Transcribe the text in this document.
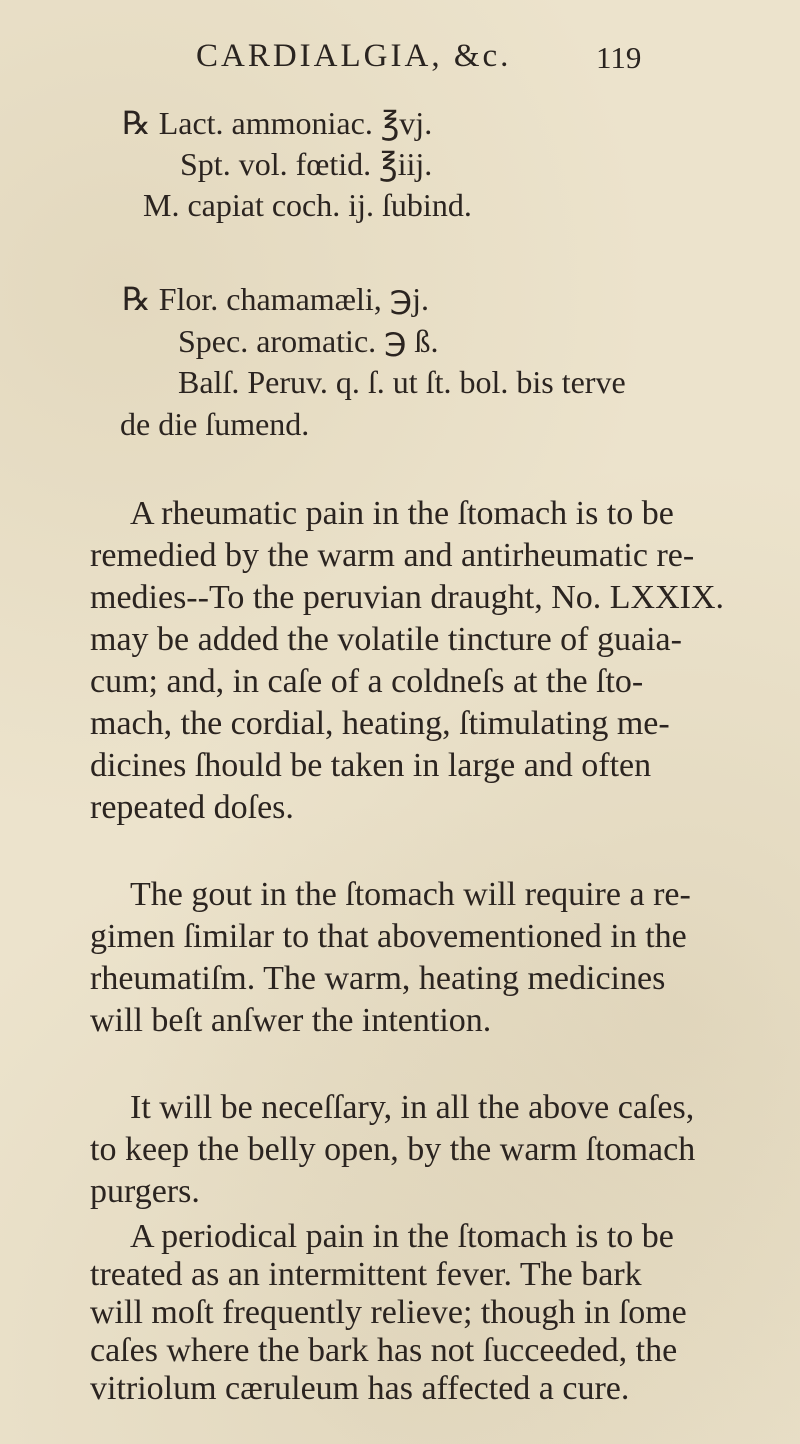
CARDIALGIA, &c.	119
℞ Lact. ammoniac. ℥vj.
Spt. vol. fœtid. ℥iij.
M. capiat coch. ij. ſubind.
℞ Flor. chamamæli, ℈j.
Spec. aromatic. ℈ ß.
Balſ. Peruv. q. ſ. ut ſt. bol. bis terve
de die ſumend.
A rheumatic pain in the ſtomach is to be
remedied by the warm and antirheumatic re-
medies--To the peruvian draught, No. LXXIX.
may be added the volatile tincture of guaia-
cum; and, in caſe of a coldneſs at the ſto-
mach, the cordial, heating, ſtimulating me-
dicines ſhould be taken in large and often
repeated doſes.
The gout in the ſtomach will require a re-
gimen ſimilar to that abovementioned in the
rheumatiſm. The warm, heating medicines
will beſt anſwer the intention.
It will be neceſſary, in all the above caſes,
to keep the belly open, by the warm ſtomach
purgers.
A periodical pain in the ſtomach is to be
treated as an intermittent fever. The bark
will moſt frequently relieve; though in ſome
caſes where the bark has not ſucceeded, the
vitriolum cæruleum has affected a cure.
